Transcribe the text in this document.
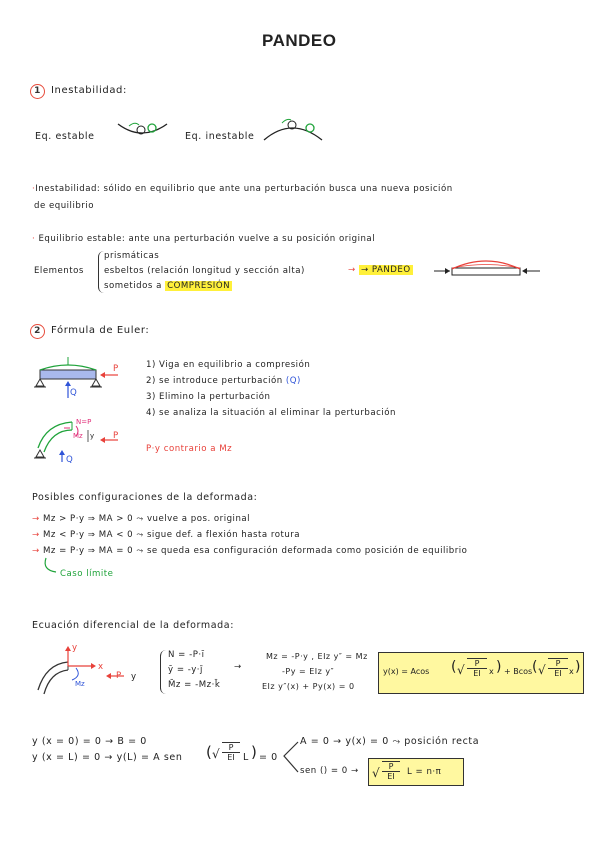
PANDEO
1 Inestabilidad:
Eq. estable	Eq. inestable
·Inestabilidad: sólido en equilibrio que ante una perturbación busca una nueva posición
de equilibrio
· Equilibrio estable: ante una perturbación vuelve a su posición original
Elementos
prismáticas
esbeltos (relación longitud y sección alta)
sometidos a COMPRESIÓN
→ → PANDEO
2 Fórmula de Euler:
P
Q
1) Viga en equilibrio a compresión
2) se introduce perturbación (Q)
3) Elimino la perturbación
4) se analiza la situación al eliminar la perturbación
N=P
Mz y P
Q
P·y contrario a Mz
Posibles configuraciones de la deformada:
→ Mz > P·y ⇒ MA > 0 ⤳ vuelve a pos. original
→ Mz < P·y ⇒ MA < 0 ⤳ sigue def. a flexión hasta rotura
→ Mz = P·y ⇒ MA = 0 ⤳ se queda esa configuración deformada como posición de equilibrio
Caso límite
Ecuación diferencial de la deformada:
y
x
Mz
P y
N = -P·ī
ȳ = -y·j̄
M̄z = -Mz·k̄
→
Mz = -P·y , EIz y″ = Mz
-Py = EIz y″
EIz y″(x) + Py(x) = 0
y(x) = Acos ( √ $\frac{P}{EI}$ x ) + Bcos ( √ $\frac{P}{EI}$ x )
y (x = 0) = 0 → B = 0
y (x = L) = 0 → y(L) = A sen ( √ $\frac{P}{EI}$ L ) = 0
A = 0 → y(x) = 0 ⤳ posición recta
sen () = 0 → √ $\frac{P}{EI}$ L = n·π
